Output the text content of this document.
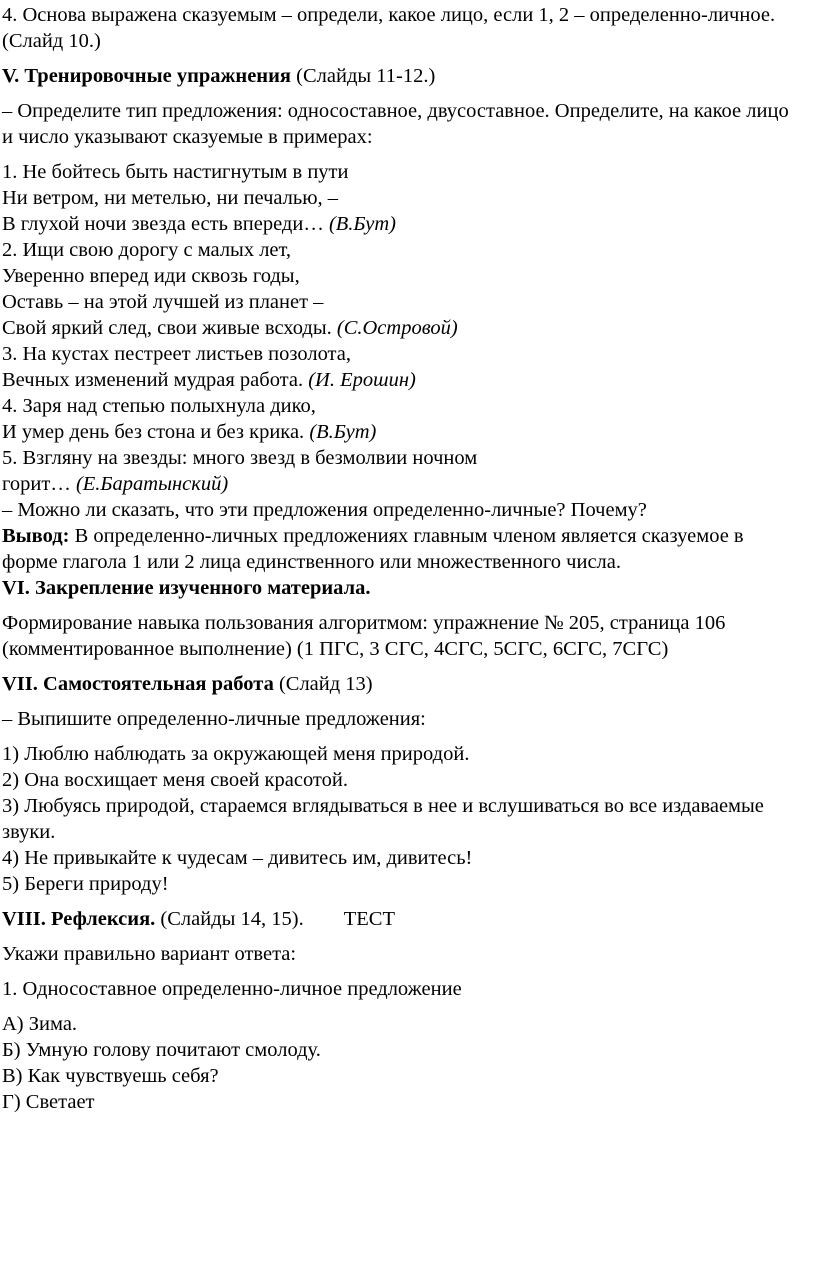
4. Основа выражена сказуемым – определи, какое лицо, если 1, 2 – определенно-личное. (Слайд 10.)

V. Тренировочные упражнения (Слайды 11-12.)

– Определите тип предложения: односоставное, двусоставное. Определите, на какое лицо и число указывают сказуемые в примерах:

1. Не бойтесь быть настигнутым в пути

Ни ветром, ни метелью, ни печалью, –

В глухой ночи звезда есть впереди… (В.Бут)

2. Ищи свою дорогу с малых лет,

Уверенно вперед иди сквозь годы,

Оставь – на этой лучшей из планет –

Свой яркий след, свои живые всходы. (С.Островой)

3. На кустах пестреет листьев позолота,

Вечных изменений мудрая работа. (И. Ерошин)

4. Заря над степью полыхнула дико,

И умер день без стона и без крика. (В.Бут)

5. Взгляну на звезды: много звезд в безмолвии ночном

горит… (Е.Баратынский)

– Можно ли сказать, что эти предложения определенно-личные? Почему?

Вывод: В определенно-личных предложениях главным членом является сказуемое в форме глагола 1 или 2 лица единственного или множественного числа.

VI. Закрепление изученного материала.

Формирование навыка пользования алгоритмом: упражнение № 205, страница 106 (комментированное выполнение) (1 ПГС, 3 СГС, 4СГС, 5СГС, 6СГС, 7СГС)

VII. Самостоятельная работа (Слайд 13)

– Выпишите определенно-личные предложения:

1) Люблю наблюдать за окружающей меня природой.

2) Она восхищает меня своей красотой.

3) Любуясь природой, стараемся вглядываться в нее и вслушиваться во все издаваемые звуки.

4) Не привыкайте к чудесам – дивитесь им, дивитесь!

5) Береги природу!

VIII. Рефлексия. (Слайды 14, 15). ТЕСТ

Укажи правильно вариант ответа:

1. Односоставное определенно-личное предложение

А) Зима.

Б) Умную голову почитают смолоду.

В) Как чувствуешь себя?

Г) Светает
